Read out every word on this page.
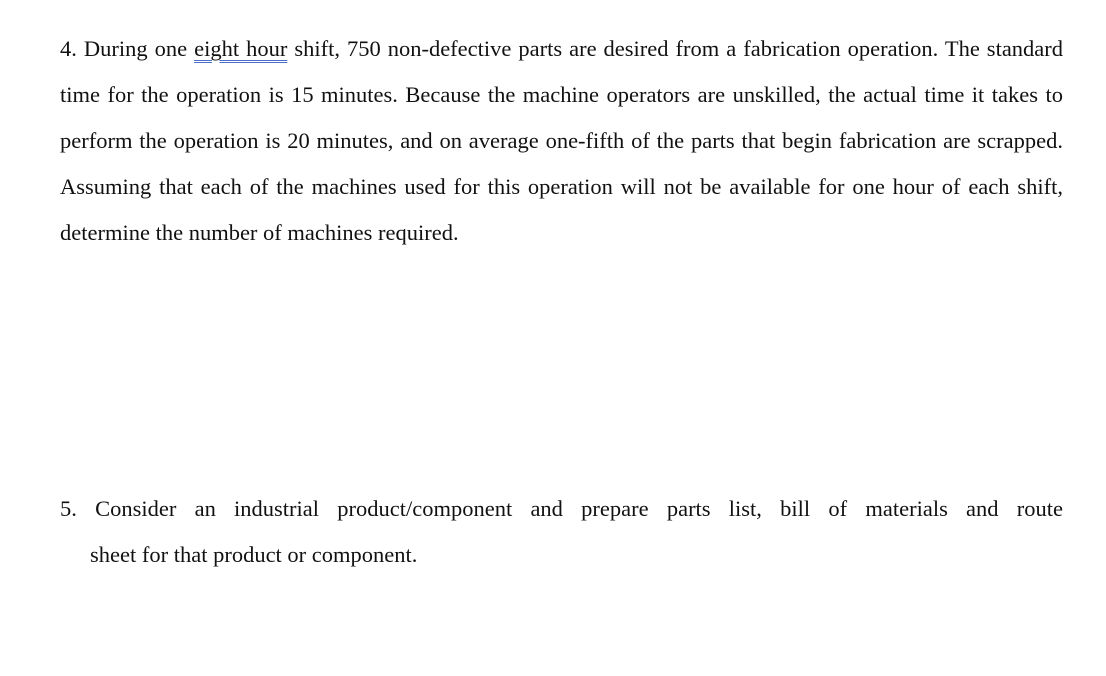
4. During one eight hour shift, 750 non-defective parts are desired from a fabrication operation. The standard time for the operation is 15 minutes. Because the machine operators are unskilled, the actual time it takes to perform the operation is 20 minutes, and on average one-fifth of the parts that begin fabrication are scrapped. Assuming that each of the machines used for this operation will not be available for one hour of each shift, determine the number of machines required.

5. Consider an industrial product/component and prepare parts list, bill of materials and route
sheet for that product or component.
